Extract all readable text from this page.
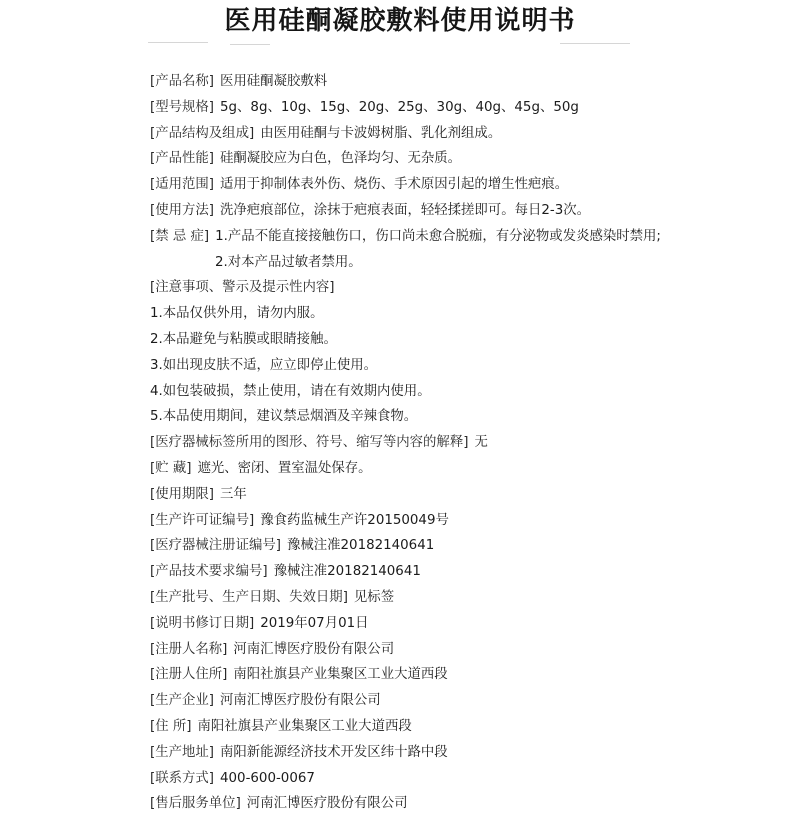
医用硅酮凝胶敷料使用说明书
[产品名称] 医用硅酮凝胶敷料
[型号规格] 5g、8g、10g、15g、20g、25g、30g、40g、45g、50g
[产品结构及组成] 由医用硅酮与卡波姆树脂、乳化剂组成。
[产品性能] 硅酮凝胶应为白色，色泽均匀、无杂质。
[适用范围] 适用于抑制体表外伤、烧伤、手术原因引起的增生性疤痕。
[使用方法] 洗净疤痕部位，涂抹于疤痕表面，轻轻揉搓即可。每日2-3次。
[禁 忌 症] 1.产品不能直接接触伤口，伤口尚未愈合脱痂，有分泌物或发炎感染时禁用;
2.对本产品过敏者禁用。
[注意事项、警示及提示性内容]
1.本品仅供外用，请勿内服。
2.本品避免与粘膜或眼睛接触。
3.如出现皮肤不适，应立即停止使用。
4.如包装破损，禁止使用，请在有效期内使用。
5.本品使用期间，建议禁忌烟酒及辛辣食物。
[医疗器械标签所用的图形、符号、缩写等内容的解释] 无
[贮 藏] 遮光、密闭、置室温处保存。
[使用期限] 三年
[生产许可证编号] 豫食药监械生产许20150049号
[医疗器械注册证编号] 豫械注准20182140641
[产品技术要求编号] 豫械注准20182140641
[生产批号、生产日期、失效日期] 见标签
[说明书修订日期] 2019年07月01日
[注册人名称] 河南汇博医疗股份有限公司
[注册人住所] 南阳社旗县产业集聚区工业大道西段
[生产企业] 河南汇博医疗股份有限公司
[住 所] 南阳社旗县产业集聚区工业大道西段
[生产地址] 南阳新能源经济技术开发区纬十路中段
[联系方式] 400-600-0067
[售后服务单位] 河南汇博医疗股份有限公司
